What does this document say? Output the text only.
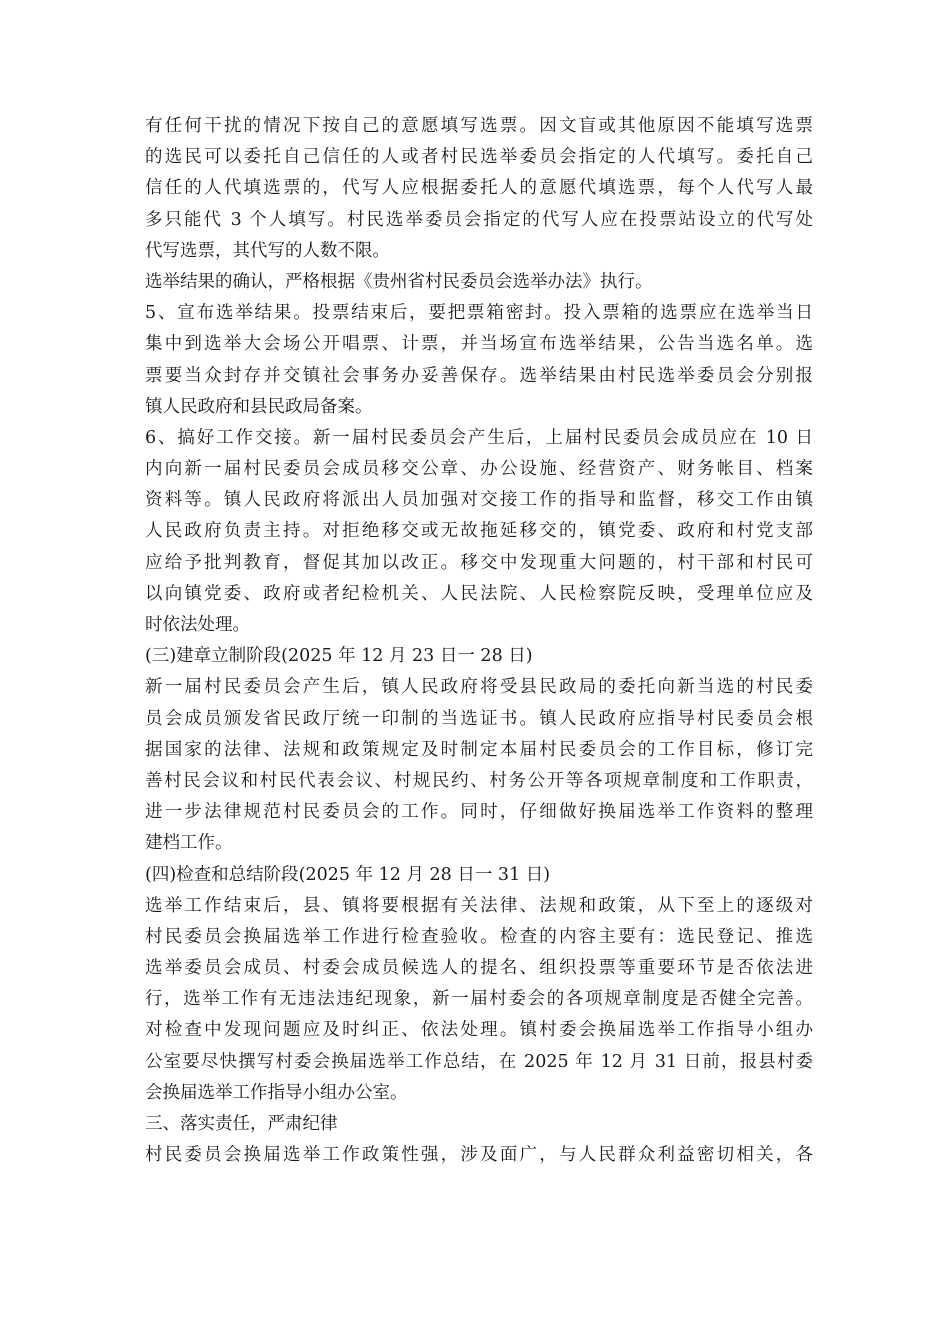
有任何干扰的情况下按自己的意愿填写选票。因文盲或其他原因不能填写选票
的选民可以委托自己信任的人或者村民选举委员会指定的人代填写。委托自己
信任的人代填选票的，代写人应根据委托人的意愿代填选票，每个人代写人最
多只能代 3 个人填写。村民选举委员会指定的代写人应在投票站设立的代写处
代写选票，其代写的人数不限。
选举结果的确认，严格根据《贵州省村民委员会选举办法》执行。
5、宣布选举结果。投票结束后，要把票箱密封。投入票箱的选票应在选举当日
集中到选举大会场公开唱票、计票，并当场宣布选举结果，公告当选名单。选
票要当众封存并交镇社会事务办妥善保存。选举结果由村民选举委员会分别报
镇人民政府和县民政局备案。
6、搞好工作交接。新一届村民委员会产生后，上届村民委员会成员应在 10 日
内向新一届村民委员会成员移交公章、办公设施、经营资产、财务帐目、档案
资料等。镇人民政府将派出人员加强对交接工作的指导和监督，移交工作由镇
人民政府负责主持。对拒绝移交或无故拖延移交的，镇党委、政府和村党支部
应给予批判教育，督促其加以改正。移交中发现重大问题的，村干部和村民可
以向镇党委、政府或者纪检机关、人民法院、人民检察院反映，受理单位应及
时依法处理。
(三)建章立制阶段(2025 年 12 月 23 日一 28 日)
新一届村民委员会产生后，镇人民政府将受县民政局的委托向新当选的村民委
员会成员颁发省民政厅统一印制的当选证书。镇人民政府应指导村民委员会根
据国家的法律、法规和政策规定及时制定本届村民委员会的工作目标，修订完
善村民会议和村民代表会议、村规民约、村务公开等各项规章制度和工作职责，
进一步法律规范村民委员会的工作。同时，仔细做好换届选举工作资料的整理
建档工作。
(四)检查和总结阶段(2025 年 12 月 28 日一 31 日)
选举工作结束后，县、镇将要根据有关法律、法规和政策，从下至上的逐级对
村民委员会换届选举工作进行检查验收。检查的内容主要有：选民登记、推选
选举委员会成员、村委会成员候选人的提名、组织投票等重要环节是否依法进
行，选举工作有无违法违纪现象，新一届村委会的各项规章制度是否健全完善。
对检查中发现问题应及时纠正、依法处理。镇村委会换届选举工作指导小组办
公室要尽快撰写村委会换届选举工作总结，在 2025 年 12 月 31 日前，报县村委
会换届选举工作指导小组办公室。
三、落实责任，严肃纪律
村民委员会换届选举工作政策性强，涉及面广，与人民群众利益密切相关，各
